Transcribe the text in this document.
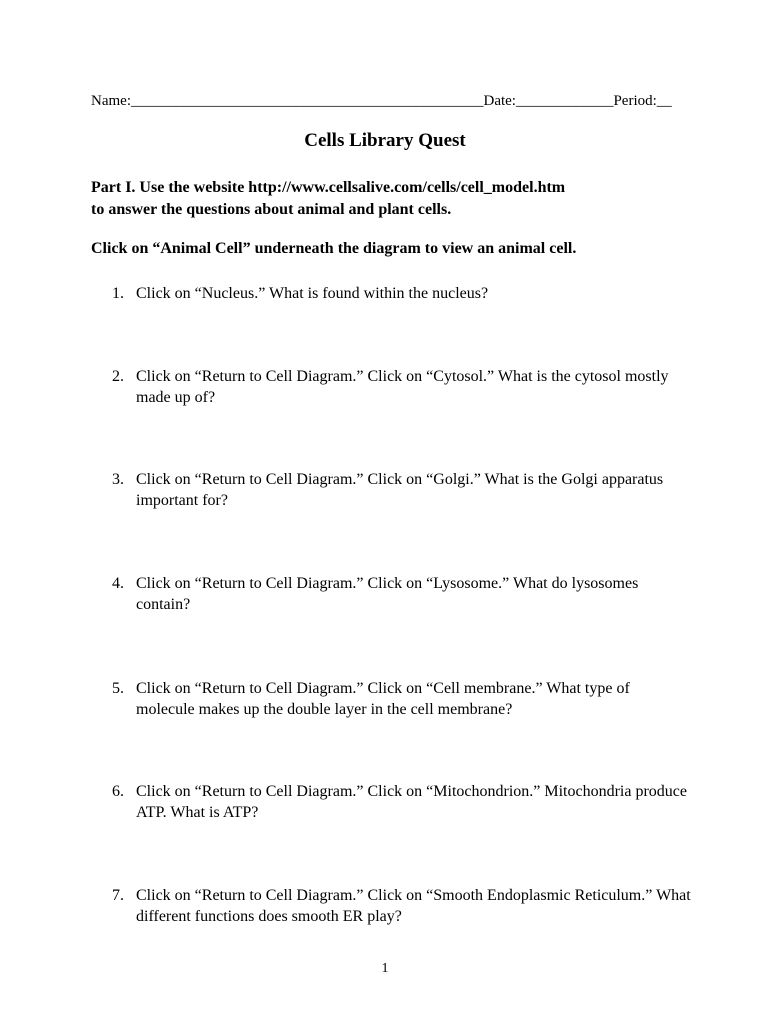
Name:_______________________________________________Date:_____________Period:__
Cells Library Quest
Part I. Use the website http://www.cellsalive.com/cells/cell_model.htm
to answer the questions about animal and plant cells.
Click on “Animal Cell” underneath the diagram to view an animal cell.
1. Click on “Nucleus.” What is found within the nucleus?
2. Click on “Return to Cell Diagram.” Click on “Cytosol.” What is the cytosol mostly made up of?
3. Click on “Return to Cell Diagram.” Click on “Golgi.” What is the Golgi apparatus important for?
4. Click on “Return to Cell Diagram.” Click on “Lysosome.” What do lysosomes contain?
5. Click on “Return to Cell Diagram.” Click on “Cell membrane.” What type of molecule makes up the double layer in the cell membrane?
6. Click on “Return to Cell Diagram.” Click on “Mitochondrion.” Mitochondria produce ATP. What is ATP?
7. Click on “Return to Cell Diagram.” Click on “Smooth Endoplasmic Reticulum.” What different functions does smooth ER play?
1
